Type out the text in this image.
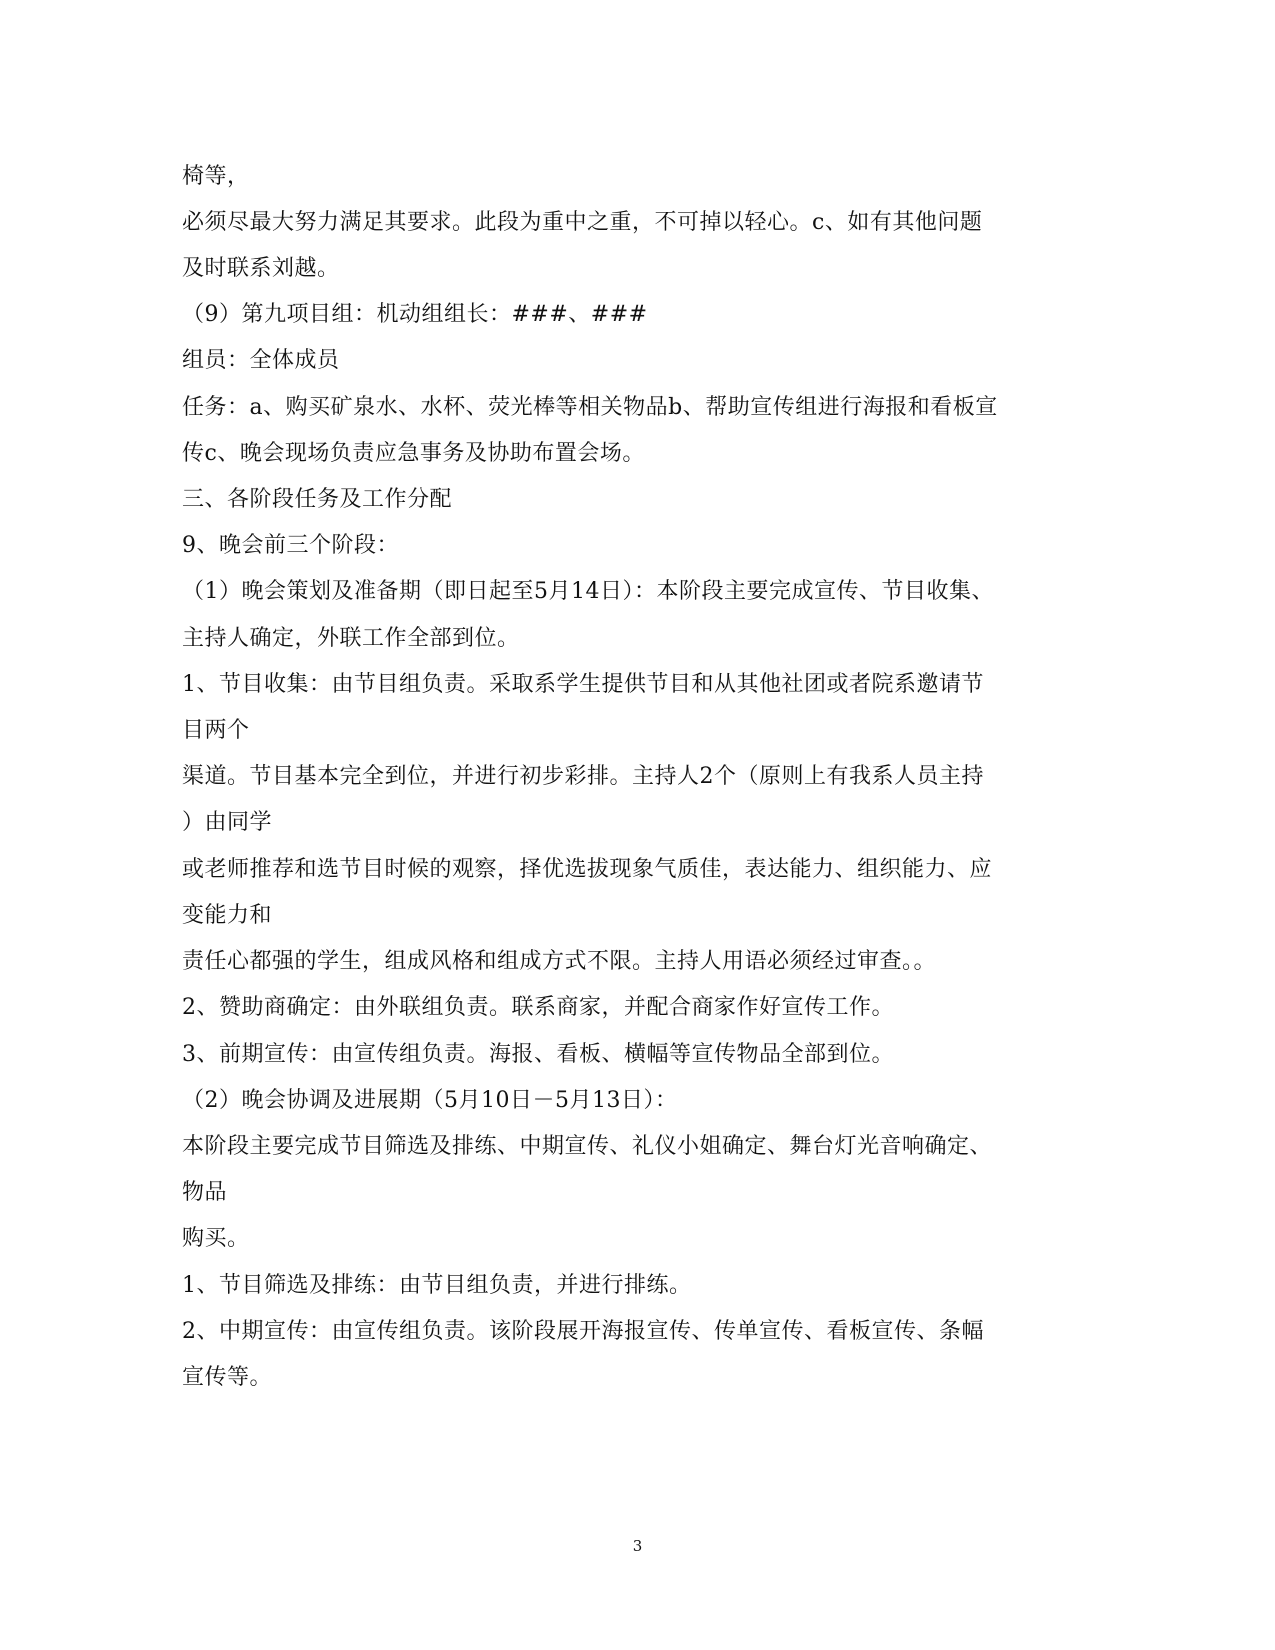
椅等，
必须尽最大努力满足其要求。此段为重中之重，不可掉以轻心。c、如有其他问题
及时联系刘越。
（9）第九项目组：机动组组长：###、###
组员：全体成员
任务：a、购买矿泉水、水杯、荧光棒等相关物品b、帮助宣传组进行海报和看板宣
传c、晚会现场负责应急事务及协助布置会场。
三、各阶段任务及工作分配
9、晚会前三个阶段：
（1）晚会策划及准备期（即日起至5月14日）：本阶段主要完成宣传、节目收集、
主持人确定，外联工作全部到位。
1、节目收集：由节目组负责。采取系学生提供节目和从其他社团或者院系邀请节
目两个
渠道。节目基本完全到位，并进行初步彩排。主持人2个（原则上有我系人员主持
）由同学
或老师推荐和选节目时候的观察，择优选拔现象气质佳，表达能力、组织能力、应
变能力和
责任心都强的学生，组成风格和组成方式不限。主持人用语必须经过审查。。
2、赞助商确定：由外联组负责。联系商家，并配合商家作好宣传工作。
3、前期宣传：由宣传组负责。海报、看板、横幅等宣传物品全部到位。
（2）晚会协调及进展期（5月10日－5月13日）：
本阶段主要完成节目筛选及排练、中期宣传、礼仪小姐确定、舞台灯光音响确定、
物品
购买。
1、节目筛选及排练：由节目组负责，并进行排练。
2、中期宣传：由宣传组负责。该阶段展开海报宣传、传单宣传、看板宣传、条幅
宣传等。
3
